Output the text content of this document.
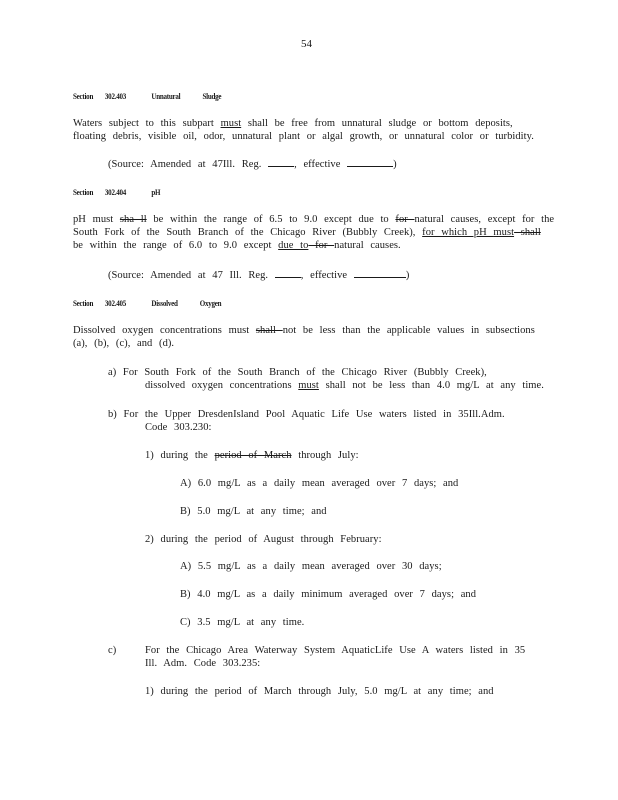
54
Section 302.403	Unnatural Sludge
Waters subject to this subpart must shall be free from unnatural sludge or bottom deposits,
floating debris, visible oil, odor, unnatural plant or algal growth, or unnatural color or turbidity.
(Source: Amended at 47Ill. Reg. , effective	)
Section 302.404	pH
pH must sha ll be within the range of 6.5 to 9.0 except due to for natural causes, except for the
South Fork of the South Branch of the Chicago River (Bubbly Creek), for which pH must shall
be within the range of 6.0 to 9.0 except due to for natural causes.
(Source: Amended at 47 Ill. Reg. , effective	)
Section 302.405	Dissolved Oxygen
Dissolved oxygen concentrations must shall not be less than the applicable values in subsections
(a), (b), (c), and (d).
a) For South Fork of the South Branch of the Chicago River (Bubbly Creek),
dissolved oxygen concentrations must shall not be less than 4.0 mg/L at any time.
b) For the Upper DresdenIsland Pool Aquatic Life Use waters listed in 35Ill.Adm.
Code 303.230:
1) during the period of March through July:
A) 6.0 mg/L as a daily mean averaged over 7 days; and
B) 5.0 mg/L at any time; and
2) during the period of August through February:
A) 5.5 mg/L as a daily mean averaged over 30 days;
B) 4.0 mg/L as a daily minimum averaged over 7 days; and
C) 3.5 mg/L at any time.
c)	For the Chicago Area Waterway System AquaticLife Use A waters listed in 35
Ill. Adm. Code 303.235:
1) during the period of March through July, 5.0 mg/L at any time; and
